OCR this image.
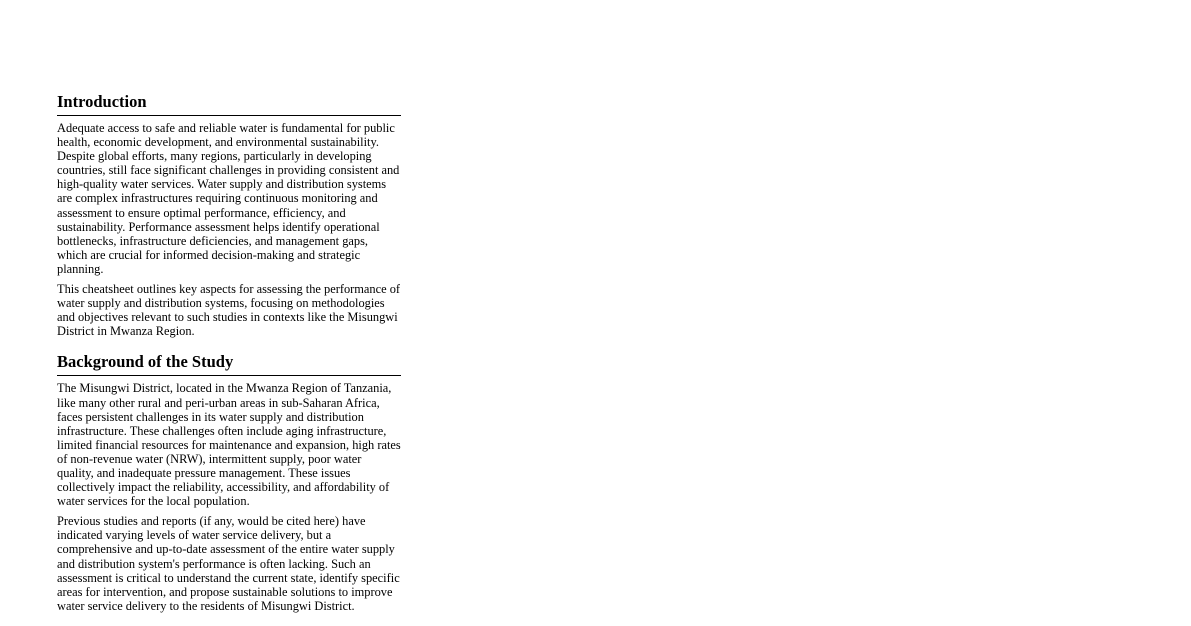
Introduction

Adequate access to safe and reliable water is fundamental for public health, economic development, and environmental sustainability. Despite global efforts, many regions, particularly in developing countries, still face significant challenges in providing consistent and high-quality water services. Water supply and distribution systems are complex infrastructures requiring continuous monitoring and assessment to ensure optimal performance, efficiency, and sustainability. Performance assessment helps identify operational bottlenecks, infrastructure deficiencies, and management gaps, which are crucial for informed decision-making and strategic planning.

This cheatsheet outlines key aspects for assessing the performance of water supply and distribution systems, focusing on methodologies and objectives relevant to such studies in contexts like the Misungwi District in Mwanza Region.

Background of the Study

The Misungwi District, located in the Mwanza Region of Tanzania, like many other rural and peri-urban areas in sub-Saharan Africa, faces persistent challenges in its water supply and distribution infrastructure. These challenges often include aging infrastructure, limited financial resources for maintenance and expansion, high rates of non-revenue water (NRW), intermittent supply, poor water quality, and inadequate pressure management. These issues collectively impact the reliability, accessibility, and affordability of water services for the local population.

Previous studies and reports (if any, would be cited here) have indicated varying levels of water service delivery, but a comprehensive and up-to-date assessment of the entire water supply and distribution system's performance is often lacking. Such an assessment is critical to understand the current state, identify specific areas for intervention, and propose sustainable solutions to improve water service delivery to the residents of Misungwi District.
